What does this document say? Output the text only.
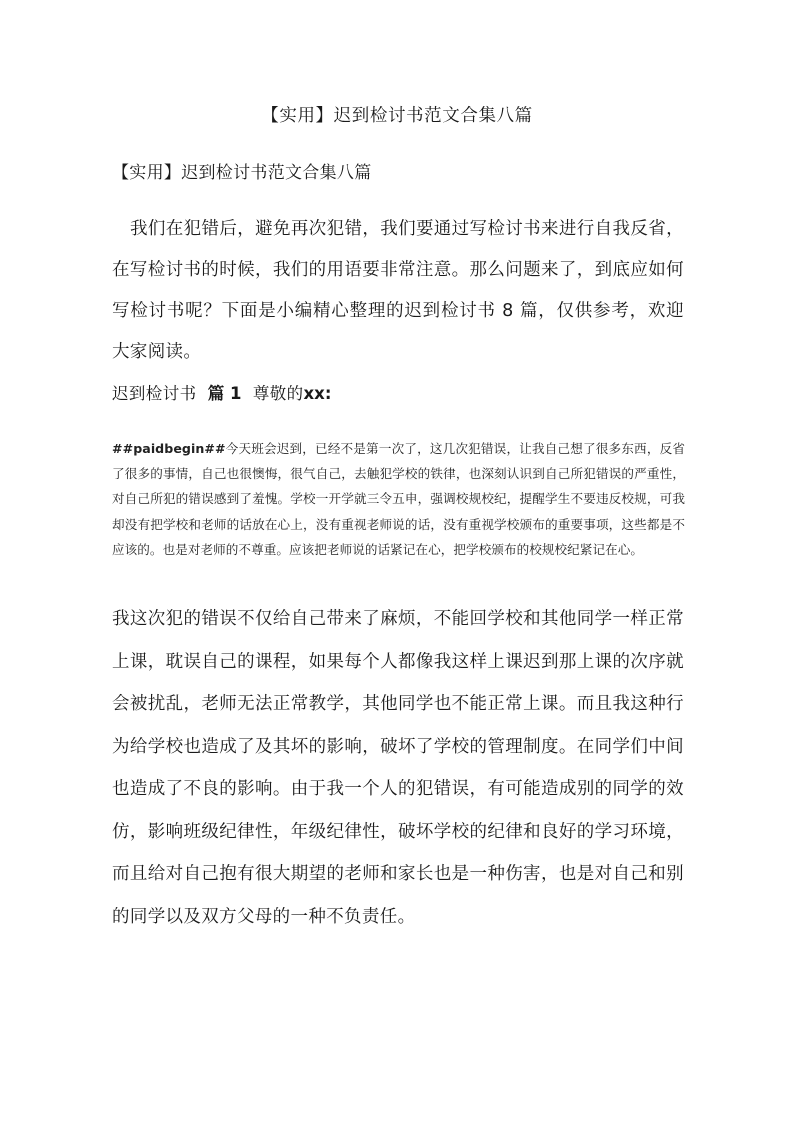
【实用】迟到检讨书范文合集八篇
【实用】迟到检讨书范文合集八篇

我们在犯错后，避免再次犯错，我们要通过写检讨书来进行自我反省，在写检讨书的时候，我们的用语要非常注意。那么问题来了，到底应如何写检讨书呢？下面是小编精心整理的迟到检讨书 8 篇，仅供参考，欢迎大家阅读。

迟到检讨书 篇 1 尊敬的xx:

##paidbegin##今天班会迟到，已经不是第一次了，这几次犯错误，让我自己想了很多东西，反省了很多的事情，自己也很懊悔，很气自己，去触犯学校的铁律，也深刻认识到自己所犯错误的严重性，对自己所犯的错误感到了羞愧。学校一开学就三令五申，强调校规校纪，提醒学生不要违反校规，可我却没有把学校和老师的话放在心上，没有重视老师说的话，没有重视学校颁布的重要事项，这些都是不应该的。也是对老师的不尊重。应该把老师说的话紧记在心，把学校颁布的校规校纪紧记在心。

我这次犯的错误不仅给自己带来了麻烦，不能回学校和其他同学一样正常上课，耽误自己的课程，如果每个人都像我这样上课迟到那上课的次序就会被扰乱，老师无法正常教学，其他同学也不能正常上课。而且我这种行为给学校也造成了及其坏的影响，破坏了学校的管理制度。在同学们中间也造成了不良的影响。由于我一个人的犯错误，有可能造成别的同学的效仿，影响班级纪律性，年级纪律性，破坏学校的纪律和良好的学习环境，而且给对自己抱有很大期望的老师和家长也是一种伤害，也是对自己和别的同学以及双方父母的一种不负责任。
